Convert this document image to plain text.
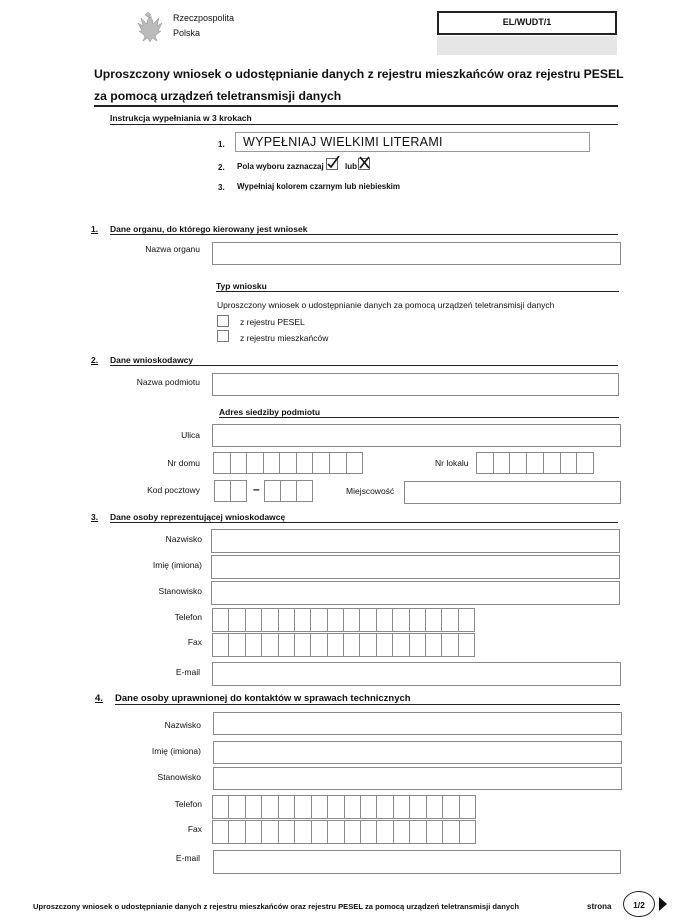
Rzeczpospolita
Polska
EL/WUDT/1
Uproszczony wniosek o udostępnianie danych z rejestru mieszkańców oraz rejestru PESEL
za pomocą urządzeń teletransmisji danych
Instrukcja wypełniania w 3 krokach
1. WYPEŁNIAJ WIELKIMI LITERAMI
2. Pola wyboru zaznaczaj	lub
3. Wypełniaj kolorem czarnym lub niebieskim
1. Dane organu, do którego kierowany jest wniosek
Nazwa organu
Typ wniosku
Uproszczony wniosek o udostępnianie danych za pomocą urządzeń teletransmisji danych
z rejestru PESEL
z rejestru mieszkańców
2. Dane wnioskodawcy
Nazwa podmiotu
Adres siedziby podmiotu
Ulica
Nr domu	Nr lokalu
Kod pocztowy	–	Miejscowość
3. Dane osoby reprezentującej wnioskodawcę
Nazwisko
Imię (imiona)
Stanowisko
Telefon
Fax
E-mail
4. Dane osoby uprawnionej do kontaktów w sprawach technicznych
Nazwisko
Imię (imiona)
Stanowisko
Telefon
Fax
E-mail
Uproszczony wniosek o udostępnianie danych z rejestru mieszkańców oraz rejestru PESEL za pomocą urządzeń teletransmisji danych	strona	1/2
